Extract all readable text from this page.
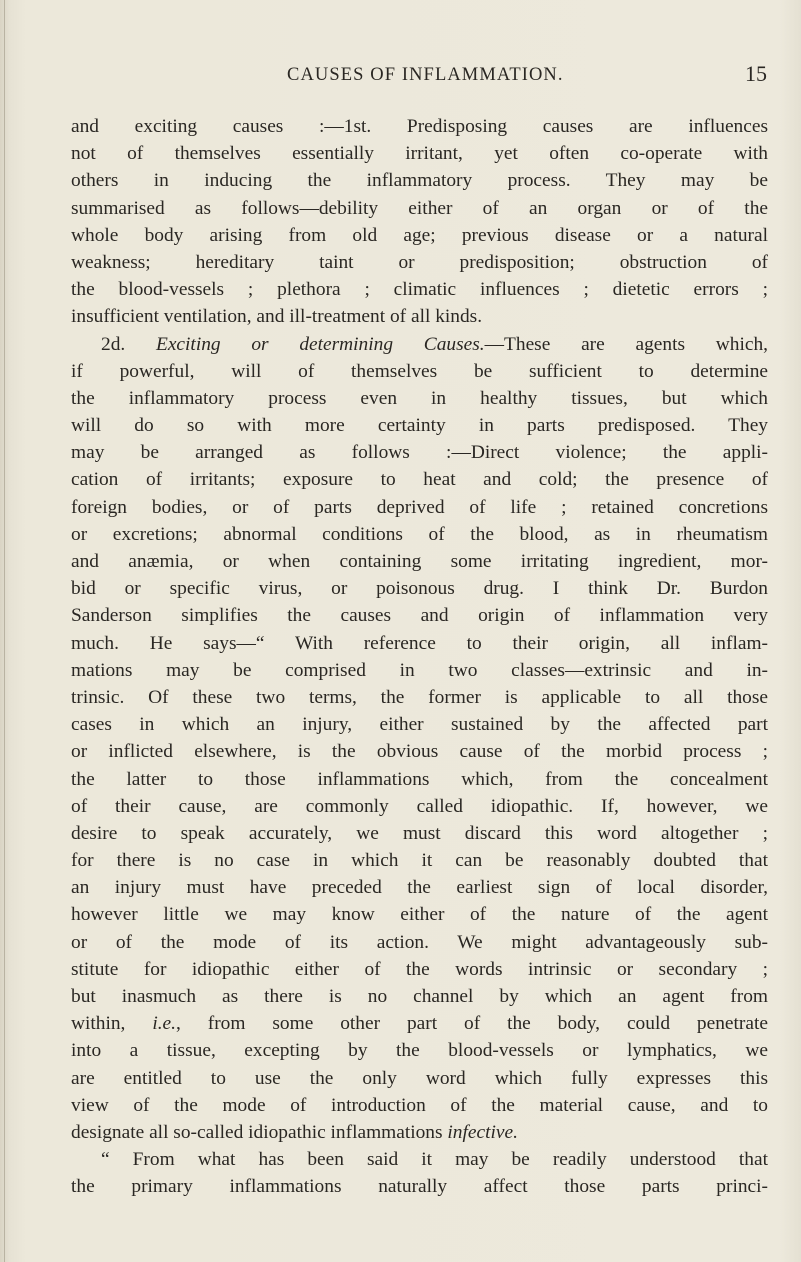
CAUSES OF INFLAMMATION.	15
and exciting causes :—1st. Predisposing causes are influences
not of themselves essentially irritant, yet often co-operate with
others in inducing the inflammatory process. They may be
summarised as follows—debility either of an organ or of the
whole body arising from old age; previous disease or a natural
weakness; hereditary taint or predisposition; obstruction of
the blood-vessels ; plethora ; climatic influences ; dietetic errors ;
insufficient ventilation, and ill-treatment of all kinds.
2d. Exciting or determining Causes.—These are agents which,
if powerful, will of themselves be sufficient to determine
the inflammatory process even in healthy tissues, but which
will do so with more certainty in parts predisposed. They
may be arranged as follows :—Direct violence; the appli-
cation of irritants; exposure to heat and cold; the presence of
foreign bodies, or of parts deprived of life ; retained concretions
or excretions; abnormal conditions of the blood, as in rheumatism
and anæmia, or when containing some irritating ingredient, mor-
bid or specific virus, or poisonous drug. I think Dr. Burdon
Sanderson simplifies the causes and origin of inflammation very
much. He says—“ With reference to their origin, all inflam-
mations may be comprised in two classes—extrinsic and in-
trinsic. Of these two terms, the former is applicable to all those
cases in which an injury, either sustained by the affected part
or inflicted elsewhere, is the obvious cause of the morbid process ;
the latter to those inflammations which, from the concealment
of their cause, are commonly called idiopathic. If, however, we
desire to speak accurately, we must discard this word altogether ;
for there is no case in which it can be reasonably doubted that
an injury must have preceded the earliest sign of local disorder,
however little we may know either of the nature of the agent
or of the mode of its action. We might advantageously sub-
stitute for idiopathic either of the words intrinsic or secondary ;
but inasmuch as there is no channel by which an agent from
within, i.e., from some other part of the body, could penetrate
into a tissue, excepting by the blood-vessels or lymphatics, we
are entitled to use the only word which fully expresses this
view of the mode of introduction of the material cause, and to
designate all so-called idiopathic inflammations infective.
“ From what has been said it may be readily understood that
the primary inflammations naturally affect those parts princi-
